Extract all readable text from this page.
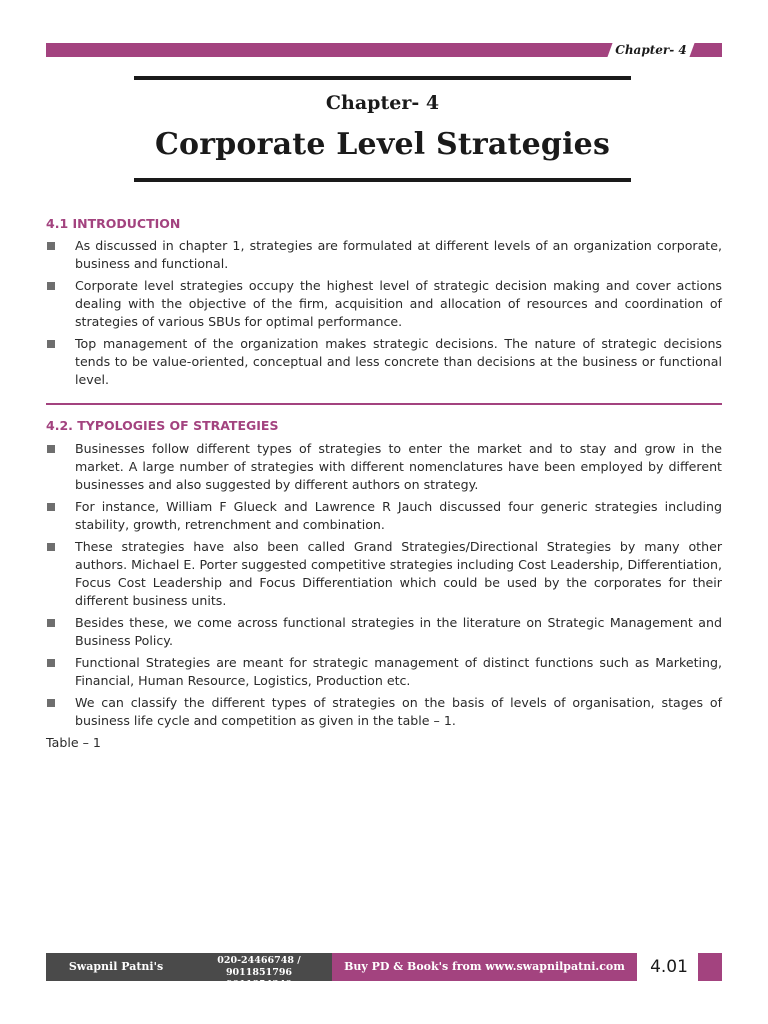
Chapter- 4
Chapter- 4
Corporate Level Strategies
4.1 INTRODUCTION
As discussed in chapter 1, strategies are formulated at different levels of an organization corporate, business and functional.
Corporate level strategies occupy the highest level of strategic decision making and cover actions dealing with the objective of the firm, acquisition and allocation of resources and coordination of strategies of various SBUs for optimal performance.
Top management of the organization makes strategic decisions. The nature of strategic decisions tends to be value-oriented, conceptual and less concrete than decisions at the business or functional level.
4.2. TYPOLOGIES OF STRATEGIES
Businesses follow different types of strategies to enter the market and to stay and grow in the market. A large number of strategies with different nomenclatures have been employed by different businesses and also suggested by different authors on strategy.
For instance, William F Glueck and Lawrence R Jauch discussed four generic strategies including stability, growth, retrenchment and combination.
These strategies have also been called Grand Strategies/Directional Strategies by many other authors. Michael E. Porter suggested competitive strategies including Cost Leadership, Differentiation, Focus Cost Leadership and Focus Differentiation which could be used by the corporates for their different business units.
Besides these, we come across functional strategies in the literature on Strategic Management and Business Policy.
Functional Strategies are meant for strategic management of distinct functions such as Marketing, Financial, Human Resource, Logistics, Production etc.
We can classify the different types of strategies on the basis of levels of organisation, stages of business life cycle and competition as given in the table – 1.
Table – 1
Swapnil Patni's Classes
020-24466748 / 9011851796
9011854340
Buy PD & Book's from www.swapnilpatni.com	4.01
